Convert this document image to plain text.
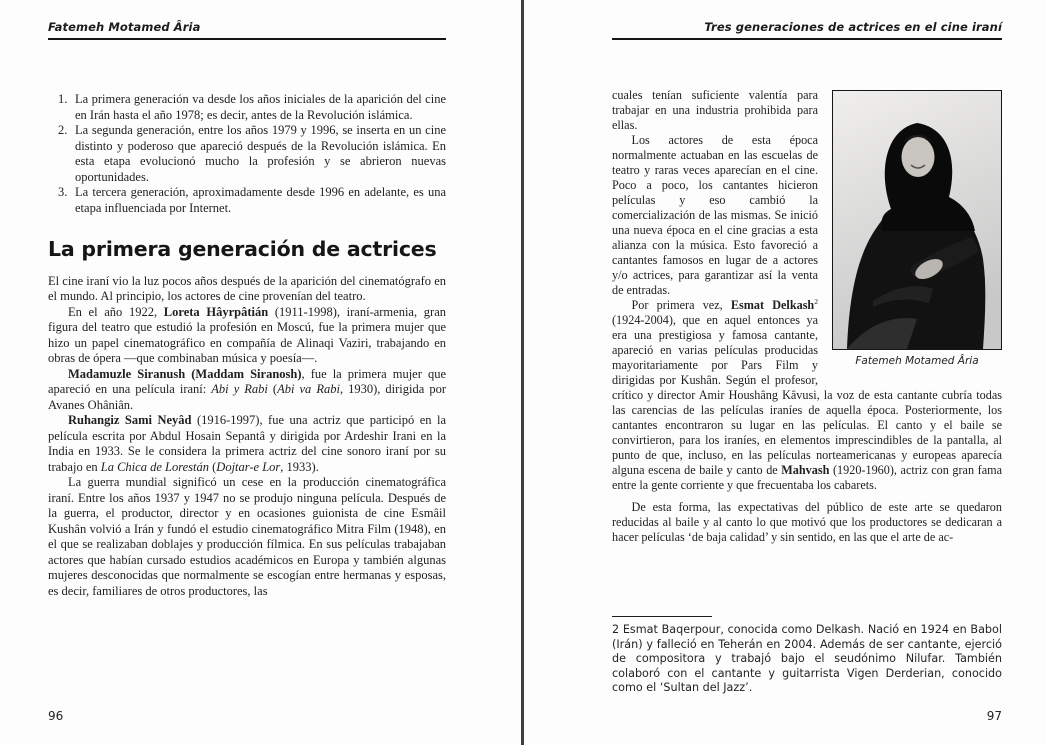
Fatemeh Motamed Âria
1. La primera generación va desde los años iniciales de la aparición del cine en Irán hasta el año 1978; es decir, antes de la Revolución islámica.
2. La segunda generación, entre los años 1979 y 1996, se inserta en un cine distinto y poderoso que apareció después de la Revolución islámica. En esta etapa evolucionó mucho la profesión y se abrieron nuevas oportunidades.
3. La tercera generación, aproximadamente desde 1996 en adelante, es una etapa influenciada por Internet.
La primera generación de actrices

El cine iraní vio la luz pocos años después de la aparición del cinematógrafo en el mundo. Al principio, los actores de cine provenían del teatro.

En el año 1922, Loreta Hâyrpâtián (1911-1998), iraní-armenia, gran figura del teatro que estudió la profesión en Moscú, fue la primera mujer que hizo un papel cinematográfico en compañía de Alinaqi Vaziri, trabajando en obras de ópera —que combinaban música y poesía—.

Madamuzle Siranush (Maddam Siranosh), fue la primera mujer que apareció en una película iraní: Abi y Rabi (Abi va Rabi, 1930), dirigida por Avanes Ohâniân.

Ruhangiz Sami Neyâd (1916-1997), fue una actriz que participó en la película escrita por Abdul Hosain Sepantâ y dirigida por Ardeshir Irani en la India en 1933. Se le considera la primera actriz del cine sonoro iraní por su trabajo en La Chica de Lorestán (Dojtar-e Lor, 1933).

La guerra mundial significó un cese en la producción cinematográfica iraní. Entre los años 1937 y 1947 no se produjo ninguna película. Después de la guerra, el productor, director y en ocasiones guionista de cine Esmâil Kushân volvió a Irán y fundó el estudio cinematográfico Mitra Film (1948), en el que se realizaban doblajes y producción fílmica. En sus películas trabajaban actores que habían cursado estudios académicos en Europa y también algunas mujeres desconocidas que normalmente se escogían entre hermanas y esposas, es decir, familiares de otros productores, las

96
Tres generaciones de actrices en el cine iraní
Fatemeh Motamed Âria

cuales tenían suficiente valentía para trabajar en una industria prohibida para ellas.

Los actores de esta época normalmente actuaban en las escuelas de teatro y raras veces aparecían en el cine. Poco a poco, los cantantes hicieron películas y eso cambió la comercialización de las mismas. Se inició una nueva época en el cine gracias a esta alianza con la música. Esto favoreció a cantantes famosos en lugar de a actores y/o actrices, para garantizar así la venta de entradas.

Por primera vez, Esmat Delkash$^2$ (1924-2004), que en aquel entonces ya era una prestigiosa y famosa cantante, apareció en varias películas producidas mayoritariamente por Pars Film y dirigidas por Kushân. Según el profesor, crítico y director Amir Houshâng Kâvusi, la voz de esta cantante cubría todas las carencias de las películas iraníes de aquella época. Posteriormente, los cantantes encontraron su lugar en las películas. El canto y el baile se convirtieron, para los iraníes, en elementos imprescindibles de la pantalla, al punto de que, incluso, en las películas norteamericanas y europeas aparecía alguna escena de baile y canto de Mahvash (1920-1960), actriz con gran fama entre la gente corriente y que frecuentaba los cabarets.

De esta forma, las expectativas del público de este arte se quedaron reducidas al baile y al canto lo que motivó que los productores se dedicaran a hacer películas ‘de baja calidad’ y sin sentido, en las que el arte de ac-

2 Esmat Baqerpour, conocida como Delkash. Nació en 1924 en Babol (Irán) y falleció en Teherán en 2004. Además de ser cantante, ejerció de compositora y trabajó bajo el seudónimo Nilufar. También colaboró con el cantante y guitarrista Vigen Derderian, conocido como el ‘Sultan del Jazz’.
97
